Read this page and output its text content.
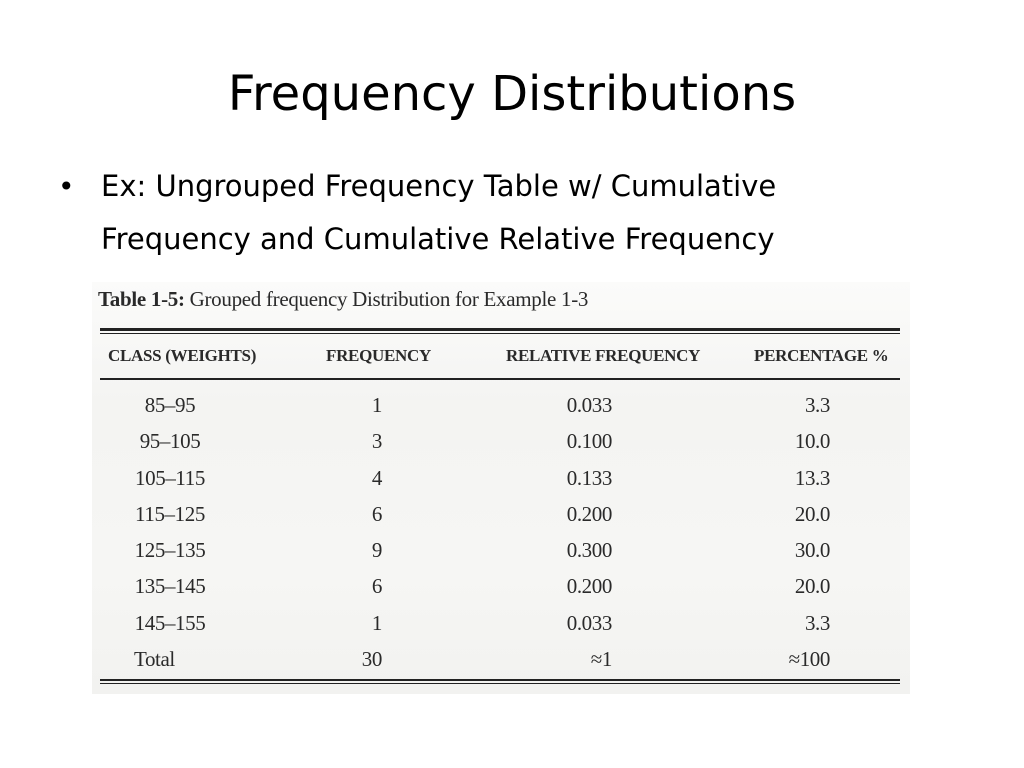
Frequency Distributions
• Ex: Ungrouped Frequency Table w/ Cumulative Frequency and Cumulative Relative Frequency
Table 1-5: Grouped frequency Distribution for Example 1-3
CLASS (WEIGHTS)	FREQUENCY	RELATIVE FREQUENCY	PERCENTAGE %
85–95	1	0.033	3.3
95–105	3	0.100	10.0
105–115	4	0.133	13.3
115–125	6	0.200	20.0
125–135	9	0.300	30.0
135–145	6	0.200	20.0
145–155	1	0.033	3.3
Total	30	≈1	≈100
